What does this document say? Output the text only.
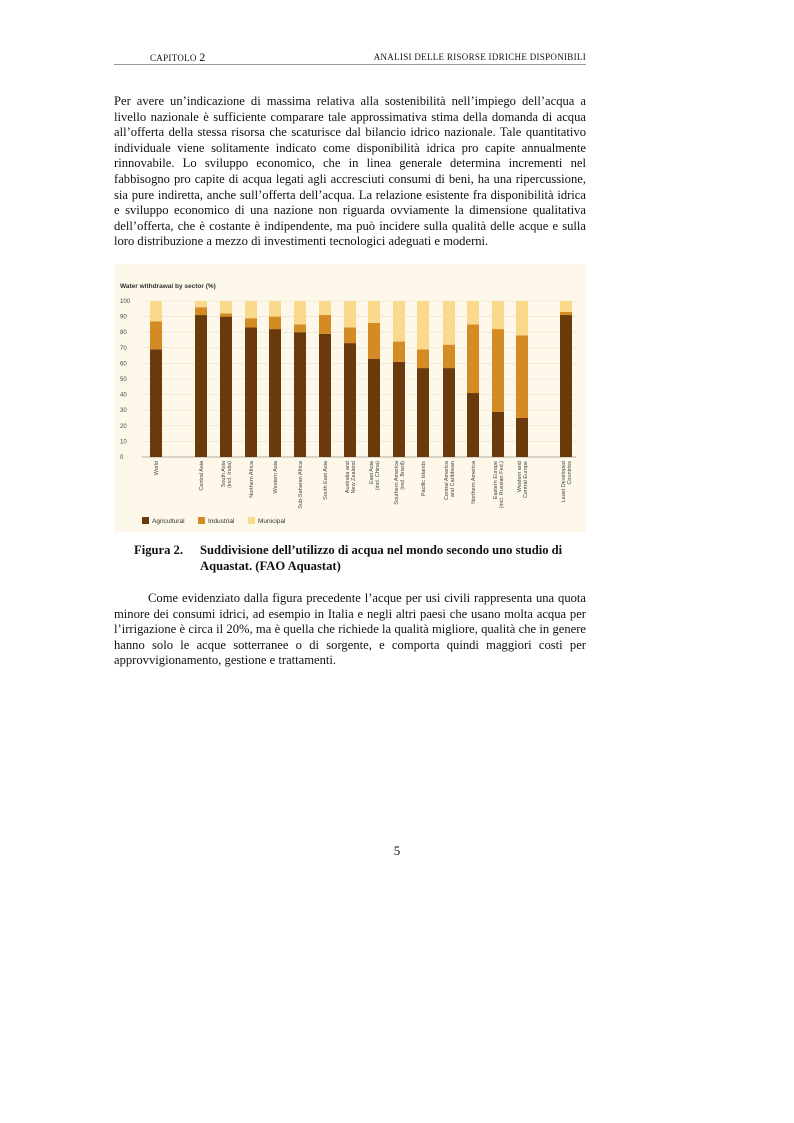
CAPITOLO 2	ANALISI DELLE RISORSE IDRICHE DISPONIBILI

Per avere un’indicazione di massima relativa alla sostenibilità nell’impiego dell’acqua a livello nazionale è sufficiente comparare tale approssimativa stima della domanda di acqua all’offerta della stessa risorsa che scaturisce dal bilancio idrico nazionale. Tale quantitativo individuale viene solitamente indicato come disponibilità idrica pro capite annualmente rinnovabile. Lo sviluppo economico, che in linea generale determina incrementi nel fabbisogno pro capite di acqua legati agli accresciuti consumi di beni, ha una ripercussione, sia pure indiretta, anche sull’offerta dell’acqua. La relazione esistente fra disponibilità idrica e sviluppo economico di una nazione non riguarda ovviamente la dimensione qualitativa dell’offerta, che è costante è indipendente, ma può incidere sulla qualità delle acque e sulla loro distribuzione a mezzo di investimenti tecnologici adeguati e moderni.

Water withdrawal by sector (%)
0
10
20
30
40
50
60
70
80
90
100
World	Central Asia	South Asia(incl. India)	Northern Africa	Western Asia	Sub-Saharan Africa	South East Asia	Australia andNew Zealand East Asia(incl. China) Southern America(incl. Brazil)	Pacific Islands	Central Americaand Caribbean	Northern America	Eastern Europe(incl. Russian Fed.) Western andCentral Europe	Least DevelopedCountries
Agricultural	Industrial	Municipal
Figura 2. Suddivisione dell’utilizzo di acqua nel mondo secondo uno studio di Aquastat. (FAO Aquastat)

Come evidenziato dalla figura precedente l’acque per usi civili rappresenta una quota minore dei consumi idrici, ad esempio in Italia e negli altri paesi che usano molta acqua per l’irrigazione è circa il 20%, ma è quella che richiede la qualità migliore, qualità che in genere hanno solo le acque sotterranee o di sorgente, e comporta quindi maggiori costi per approvvigionamento, gestione e trattamenti.

5
